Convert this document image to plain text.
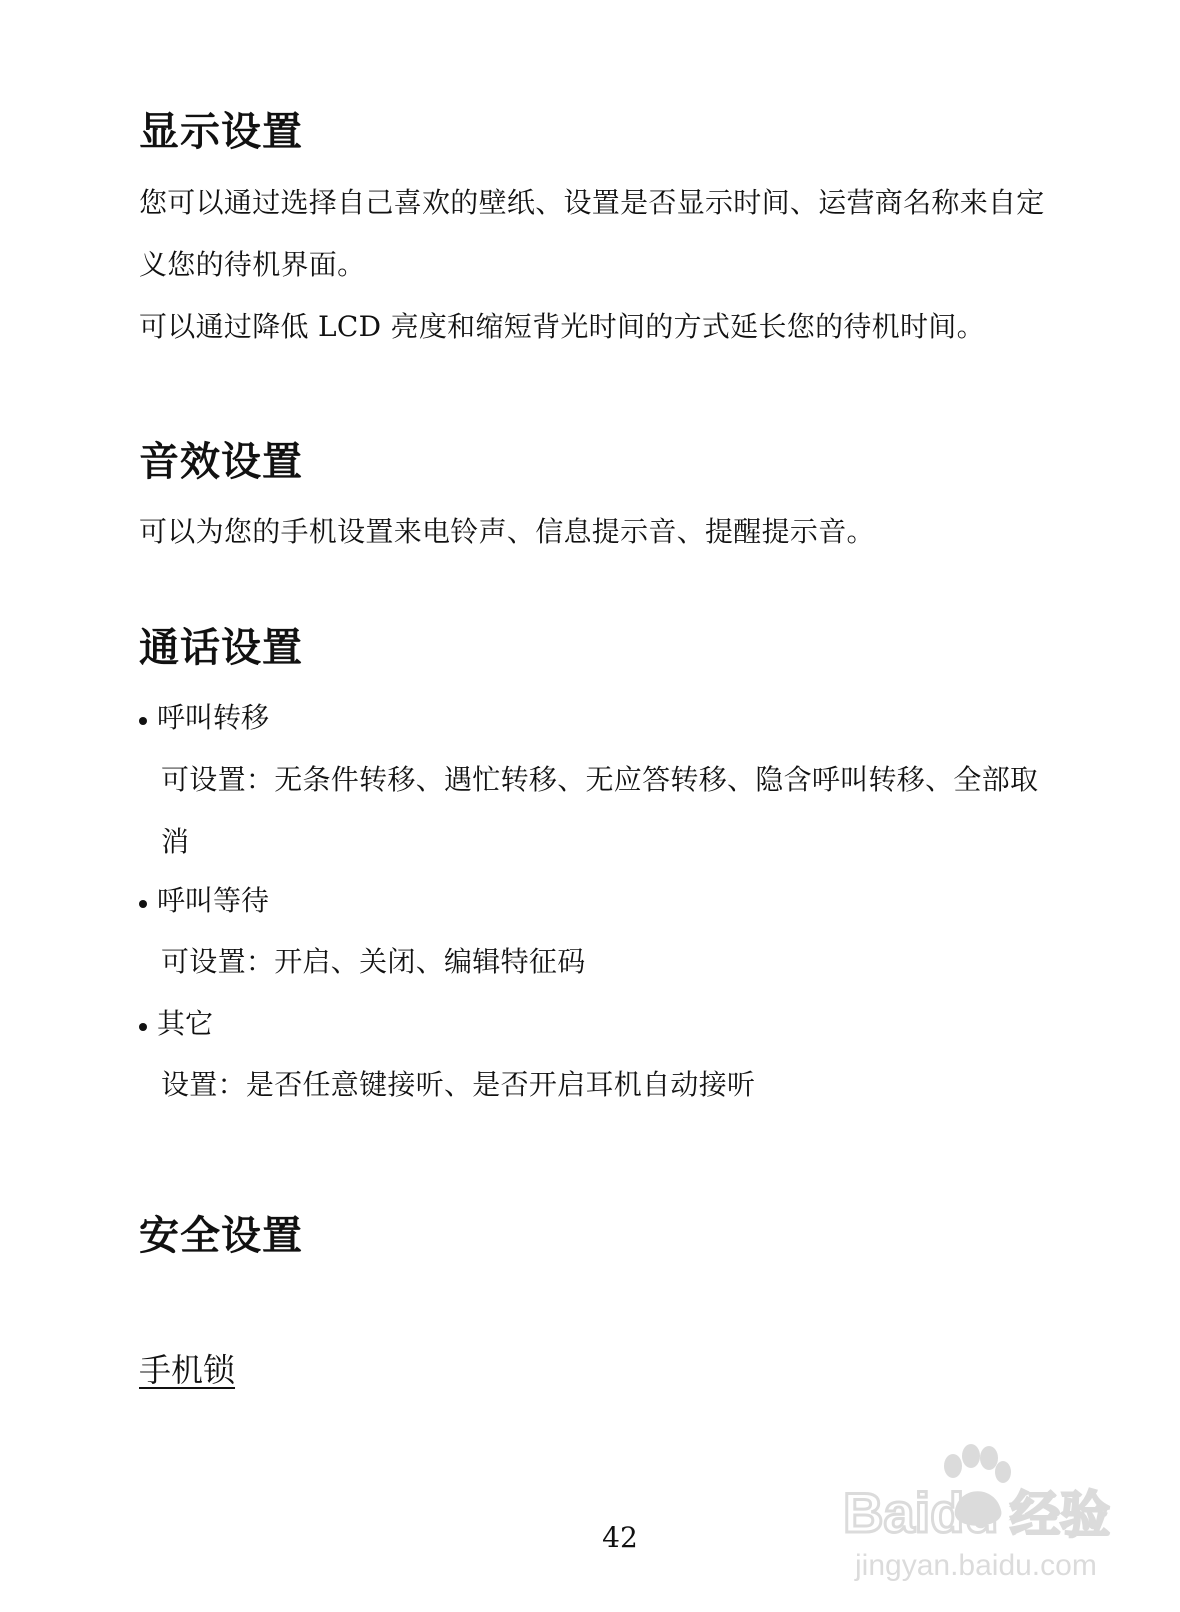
显示设置

您可以通过选择自己喜欢的壁纸、设置是否显示时间、运营商名称来自定

义您的待机界面。

可以通过降低 LCD 亮度和缩短背光时间的方式延长您的待机时间。

音效设置

可以为您的手机设置来电铃声、信息提示音、提醒提示音。

通话设置
呼叫转移

可设置：无条件转移、遇忙转移、无应答转移、隐含呼叫转移、全部取

消

呼叫等待

可设置：开启、关闭、编辑特征码

其它

设置：是否任意键接听、是否开启耳机自动接听

安全设置

手机锁

42	Baidu 经验
jingyan.baidu.com
